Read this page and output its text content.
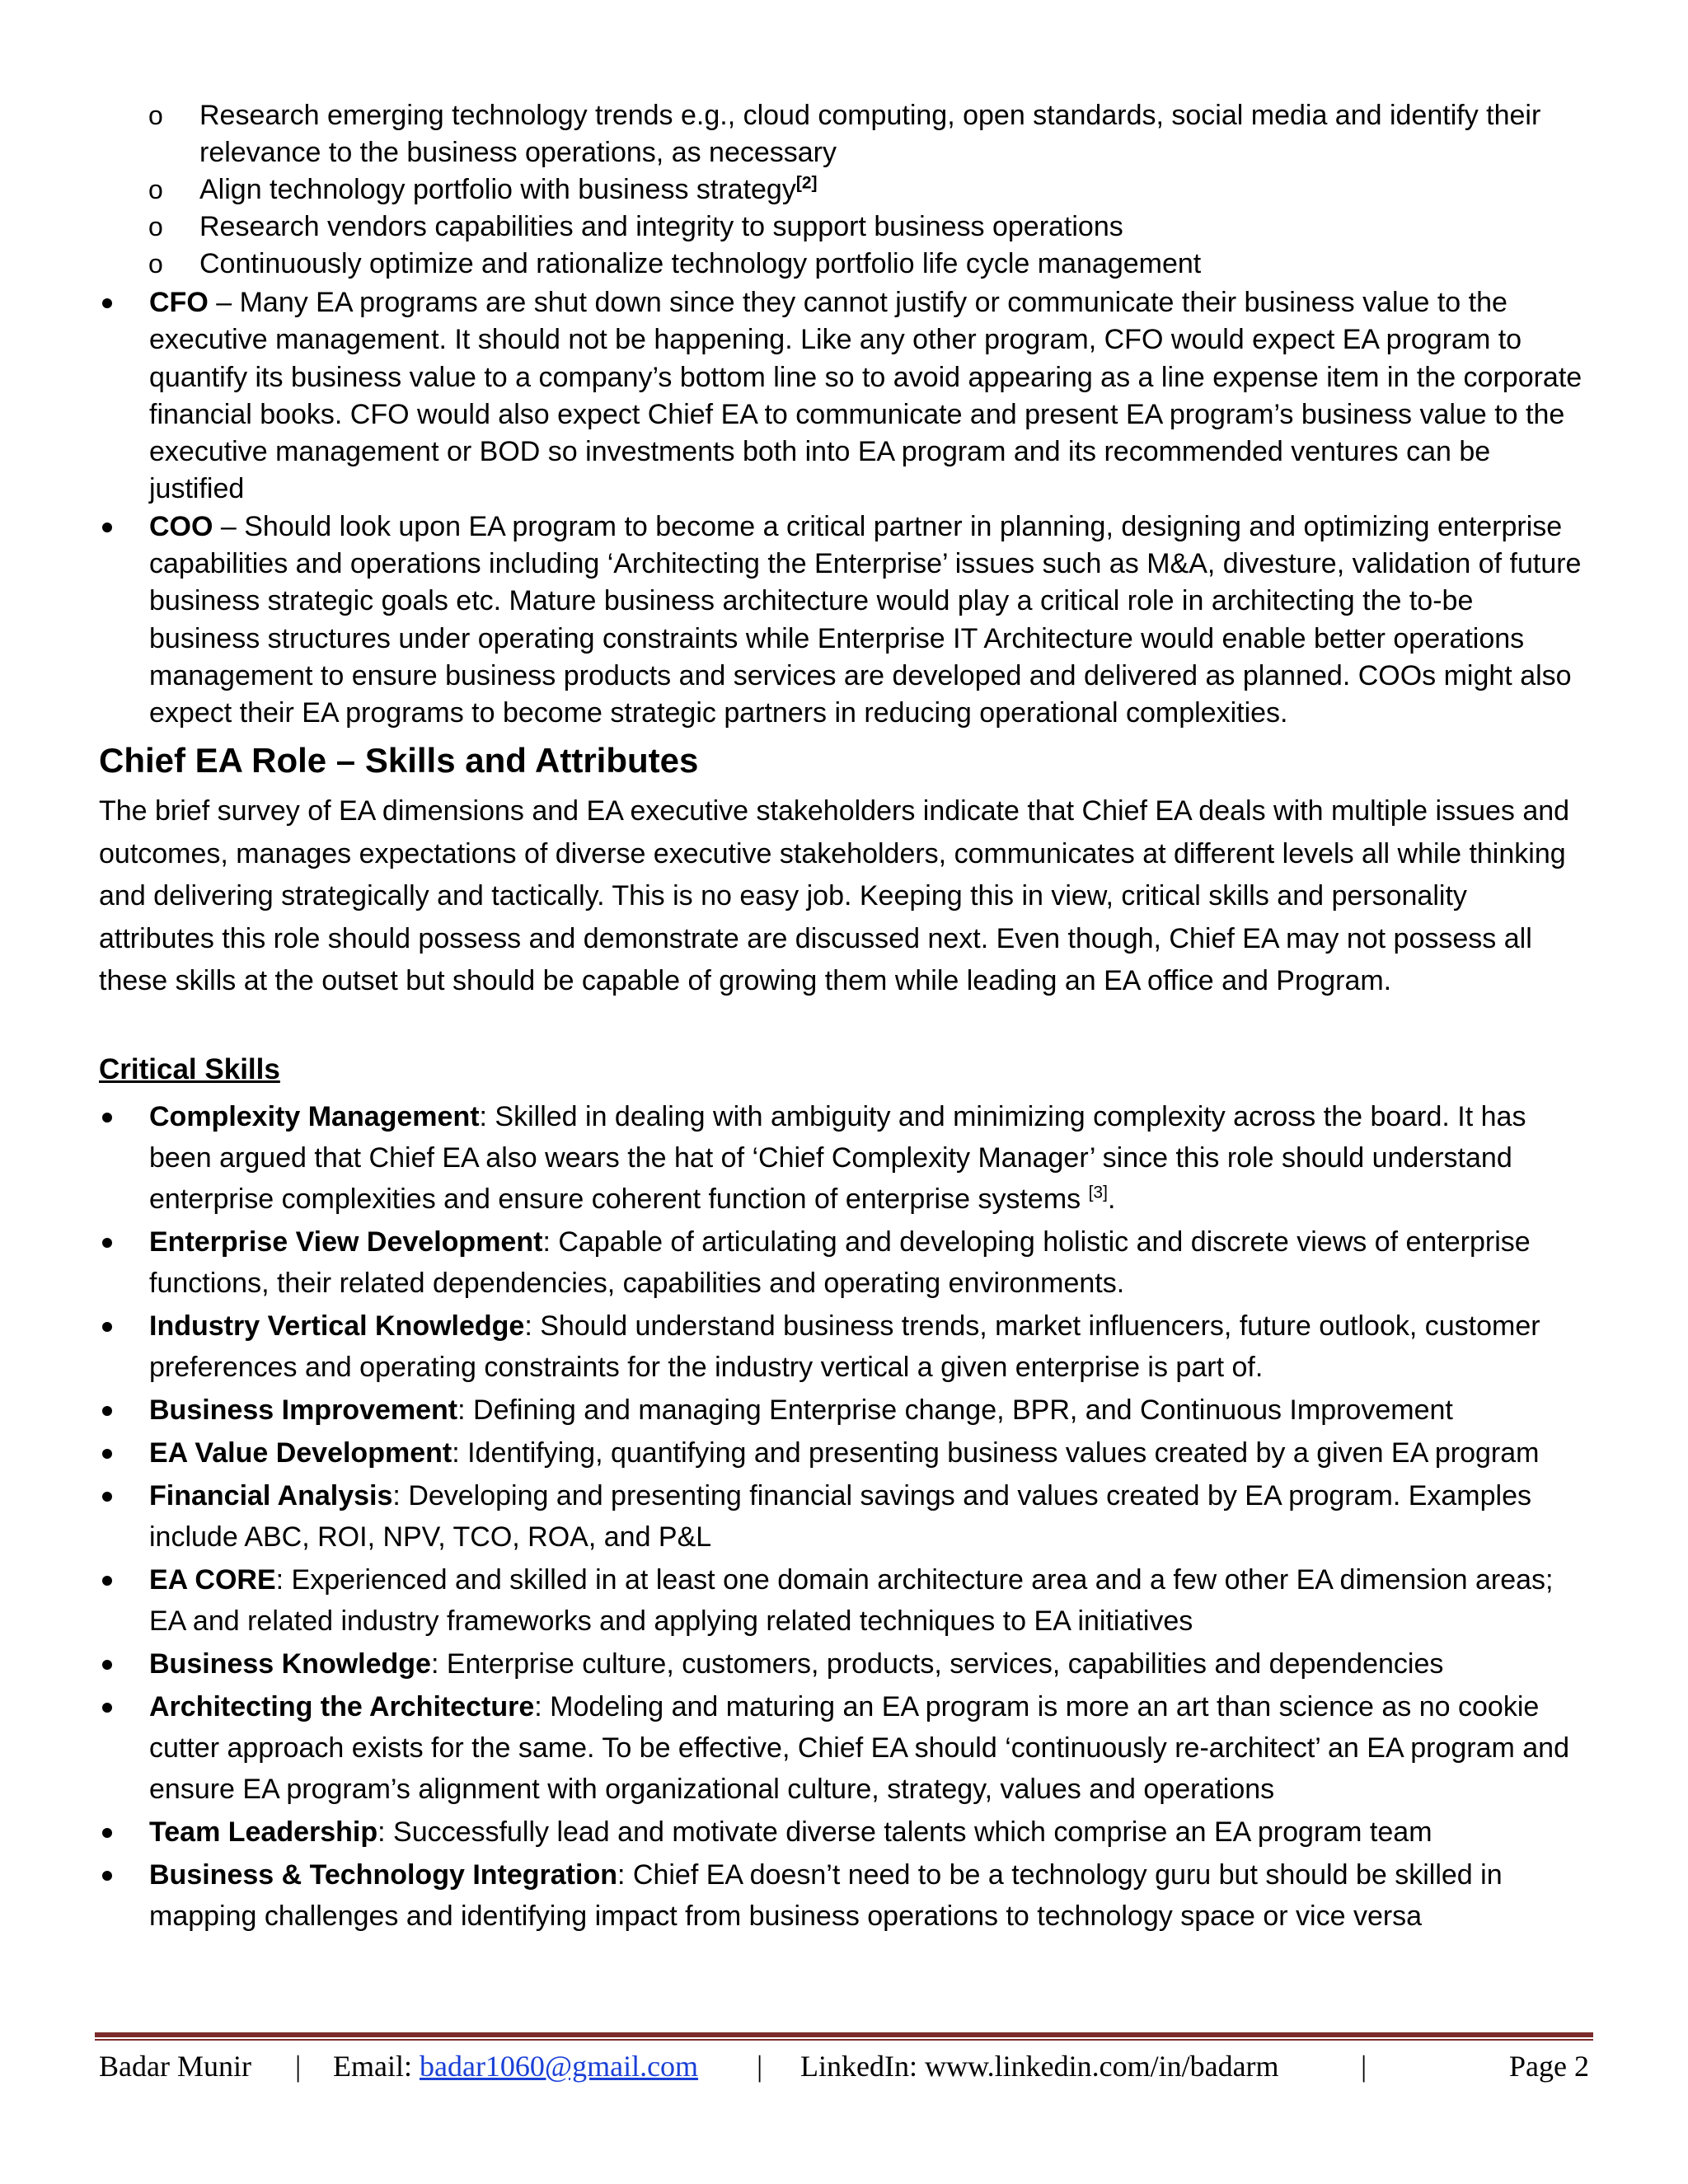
o	Research emerging technology trends e.g., cloud computing, open standards, social media and identify their relevance to the business operations, as necessary
o	Align technology portfolio with business strategy[2]
o	Research vendors capabilities and integrity to support business operations
o	Continuously optimize and rationalize technology portfolio life cycle management
CFO – Many EA programs are shut down since they cannot justify or communicate their business value to the executive management. It should not be happening. Like any other program, CFO would expect EA program to quantify its business value to a company’s bottom line so to avoid appearing as a line expense item in the corporate financial books. CFO would also expect Chief EA to communicate and present EA program’s business value to the executive management or BOD so investments both into EA program and its recommended ventures can be justified
COO – Should look upon EA program to become a critical partner in planning, designing and optimizing enterprise capabilities and operations including ‘Architecting the Enterprise’ issues such as M&A, divesture, validation of future business strategic goals etc. Mature business architecture would play a critical role in architecting the to-be business structures under operating constraints while Enterprise IT Architecture would enable better operations management to ensure business products and services are developed and delivered as planned. COOs might also expect their EA programs to become strategic partners in reducing operational complexities.
Chief EA Role – Skills and Attributes
The brief survey of EA dimensions and EA executive stakeholders indicate that Chief EA deals with multiple issues and outcomes, manages expectations of diverse executive stakeholders, communicates at different levels all while thinking and delivering strategically and tactically. This is no easy job. Keeping this in view, critical skills and personality attributes this role should possess and demonstrate are discussed next. Even though, Chief EA may not possess all these skills at the outset but should be capable of growing them while leading an EA office and Program.
Critical Skills
Complexity Management: Skilled in dealing with ambiguity and minimizing complexity across the board. It has been argued that Chief EA also wears the hat of ‘Chief Complexity Manager’ since this role should understand enterprise complexities and ensure coherent function of enterprise systems [3].
Enterprise View Development: Capable of articulating and developing holistic and discrete views of enterprise functions, their related dependencies, capabilities and operating environments.
Industry Vertical Knowledge: Should understand business trends, market influencers, future outlook, customer preferences and operating constraints for the industry vertical a given enterprise is part of.
Business Improvement: Defining and managing Enterprise change, BPR, and Continuous Improvement
EA Value Development: Identifying, quantifying and presenting business values created by a given EA program
Financial Analysis: Developing and presenting financial savings and values created by EA program. Examples include ABC, ROI, NPV, TCO, ROA, and P&L
EA CORE: Experienced and skilled in at least one domain architecture area and a few other EA dimension areas; EA and related industry frameworks and applying related techniques to EA initiatives
Business Knowledge: Enterprise culture, customers, products, services, capabilities and dependencies
Architecting the Architecture: Modeling and maturing an EA program is more an art than science as no cookie cutter approach exists for the same. To be effective, Chief EA should ‘continuously re-architect’ an EA program and ensure EA program’s alignment with organizational culture, strategy, values and operations
Team Leadership: Successfully lead and motivate diverse talents which comprise an EA program team
Business & Technology Integration: Chief EA doesn’t need to be a technology guru but should be skilled in mapping challenges and identifying impact from business operations to technology space or vice versa
Badar Munir | Email: badar1060@gmail.com | LinkedIn: www.linkedin.com/in/badarm	|	Page 2
